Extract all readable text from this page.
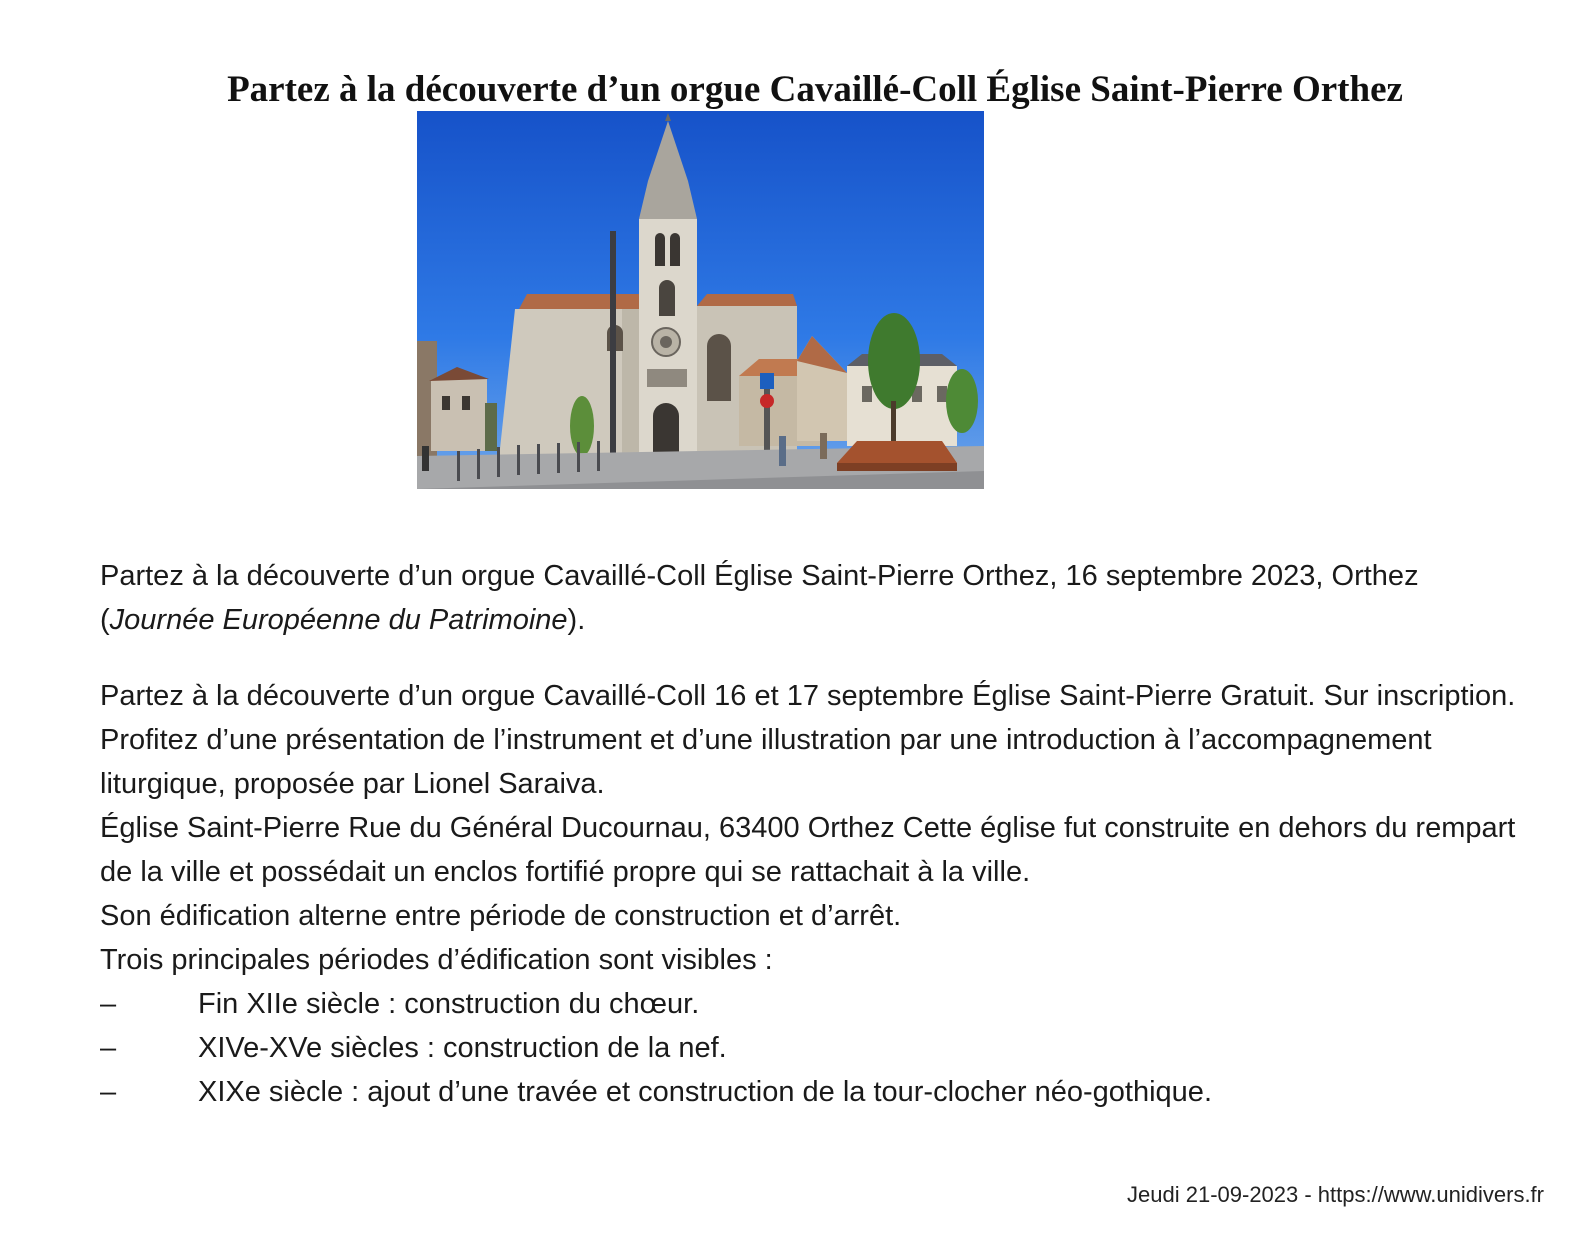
Partez à la découverte d’un orgue Cavaillé-Coll Église Saint-Pierre Orthez

Partez à la découverte d’un orgue Cavaillé-Coll Église Saint-Pierre Orthez, 16 septembre 2023, Orthez (Journée Européenne du Patrimoine).

Partez à la découverte d’un orgue Cavaillé-Coll 16 et 17 septembre Église Saint-Pierre Gratuit. Sur inscription.

Profitez d’une présentation de l’instrument et d’une illustration par une introduction à l’accompagnement liturgique, proposée par Lionel Saraiva.

Église Saint-Pierre Rue du Général Ducournau, 63400 Orthez Cette église fut construite en dehors du rempart de la ville et possédait un enclos fortifié propre qui se rattachait à la ville.

Son édification alterne entre période de construction et d’arrêt.

Trois principales périodes d’édification sont visibles :

–	Fin XIIe siècle : construction du chœur.
–	XIVe-XVe siècles : construction de la nef.
–	XIXe siècle : ajout d’une travée et construction de la tour-clocher néo-gothique.
Jeudi 21-09-2023 - https://www.unidivers.fr
